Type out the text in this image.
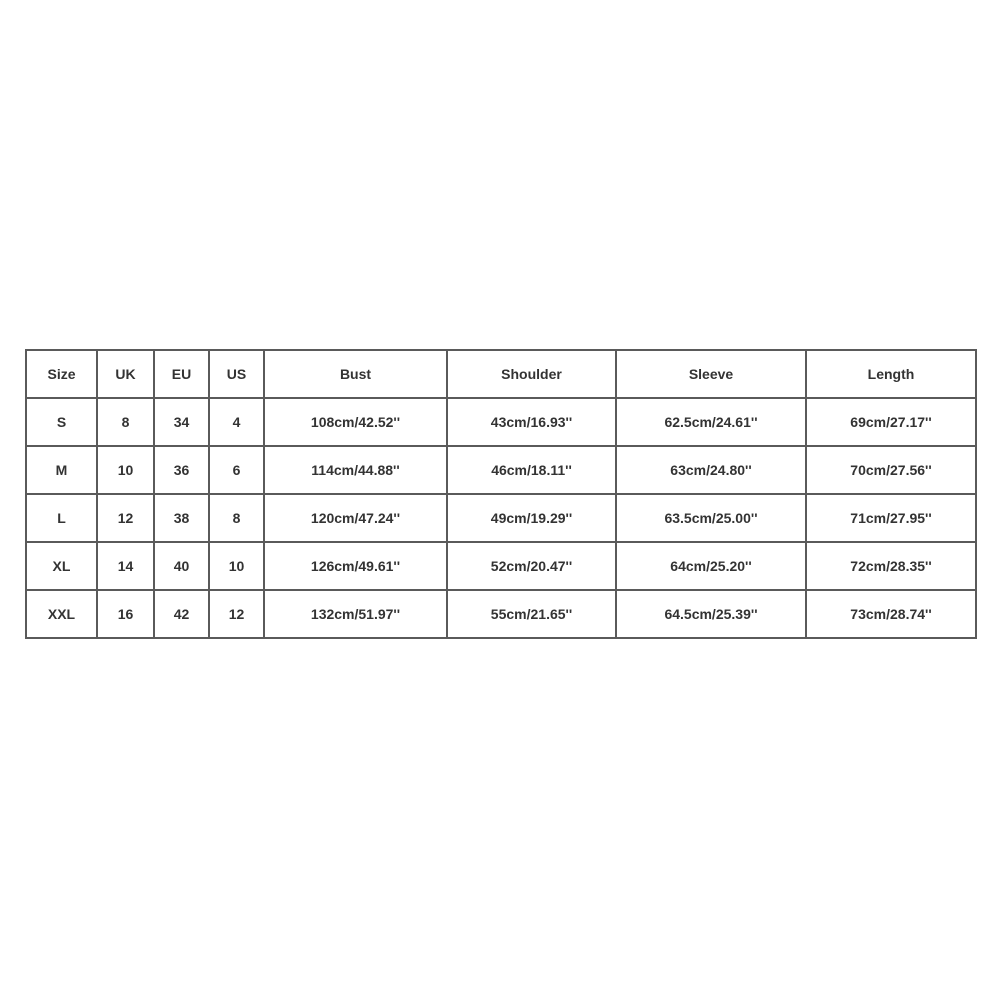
Size	UK	EU	US	Bust	Shoulder	Sleeve	Length
S	8	34	4	108cm/42.52''	43cm/16.93''	62.5cm/24.61''	69cm/27.17''
M	10	36	6	114cm/44.88''	46cm/18.11''	63cm/24.80''	70cm/27.56''
L	12	38	8	120cm/47.24''	49cm/19.29''	63.5cm/25.00''	71cm/27.95''
XL	14	40	10	126cm/49.61''	52cm/20.47''	64cm/25.20''	72cm/28.35''
XXL	16	42	12	132cm/51.97''	55cm/21.65''	64.5cm/25.39''	73cm/28.74''
